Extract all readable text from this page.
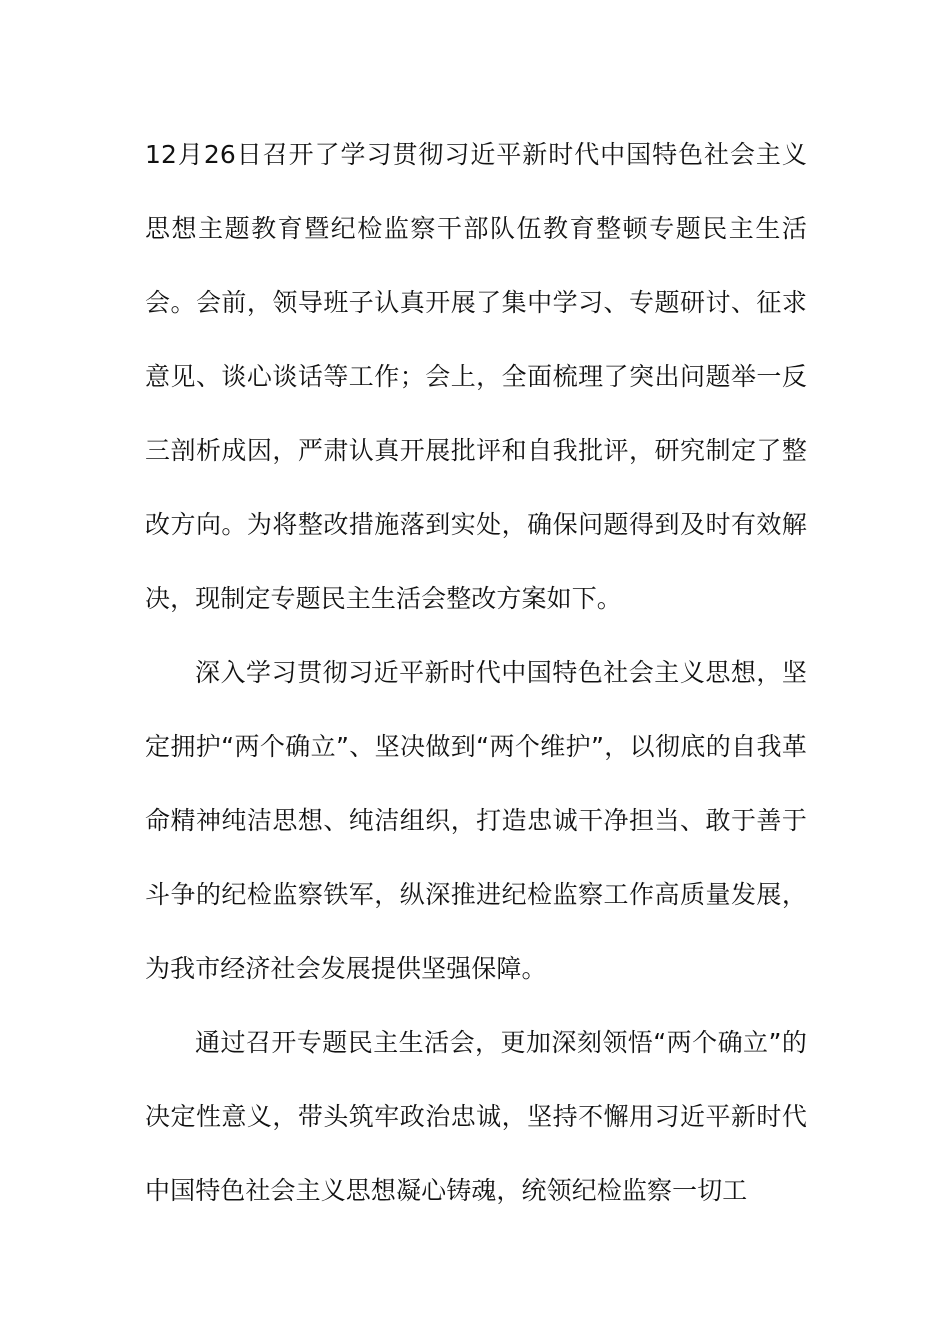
12月26日召开了学习贯彻习近平新时代中国特色社会主义思想主题教育暨纪检监察干部队伍教育整顿专题民主生活会。会前，领导班子认真开展了集中学习、专题研讨、征求意见、谈心谈话等工作；会上，全面梳理了突出问题举一反三剖析成因，严肃认真开展批评和自我批评，研究制定了整改方向。为将整改措施落到实处，确保问题得到及时有效解决，现制定专题民主生活会整改方案如下。

深入学习贯彻习近平新时代中国特色社会主义思想，坚定拥护“两个确立”、坚决做到“两个维护”，以彻底的自我革命精神纯洁思想、纯洁组织，打造忠诚干净担当、敢于善于斗争的纪检监察铁军，纵深推进纪检监察工作高质量发展，为我市经济社会发展提供坚强保障。

通过召开专题民主生活会，更加深刻领悟“两个确立”的决定性意义，带头筑牢政治忠诚，坚持不懈用习近平新时代中国特色社会主义思想凝心铸魂，统领纪检监察一切工
